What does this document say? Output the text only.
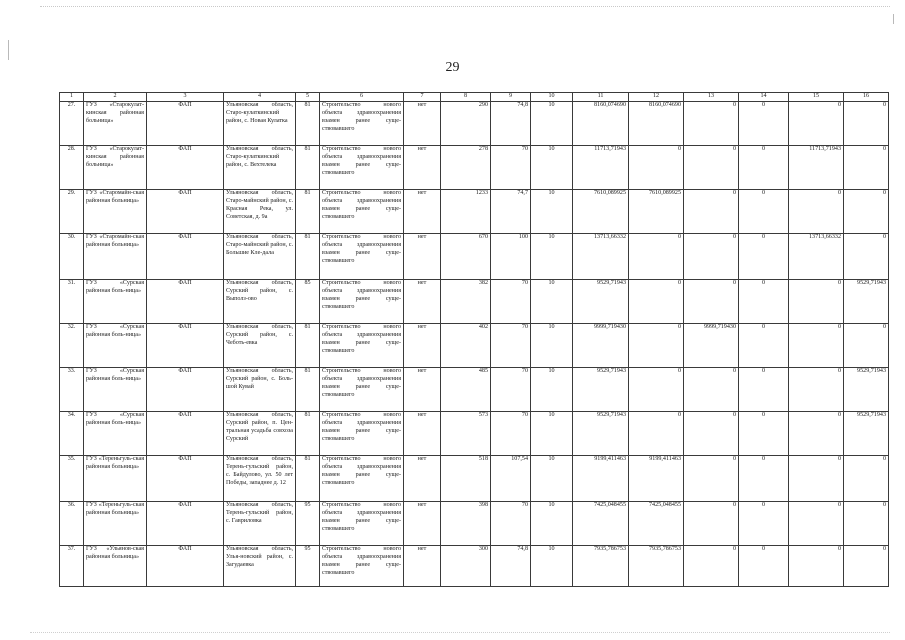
29
1	2	3	4	5	6	7	8	9	10	11	12	13	14	15	16
27.	ГУЗ «Старокулат-кинская районная больница»	ФАП	Ульяновская область, Старо-кулаткинский район, с. Новая Кулатка	81	Строительство нового объекта здравоохранения взамен ранее суще-ствовавшего	нет	290	74,8	10	8160,074690	8160,074690	0	0	0	0
28.	ГУЗ «Старокулат-кинская районная больница»	ФАП	Ульяновская область, Старо-кулаткинский район, с. Вехтелека	81	Строительство нового объекта здравоохранения взамен ранее суще-ствовавшего	нет	278	70	10	11713,71943	0	0	0	11713,71943	0
29.	ГУЗ «Старомайн-ская районная больница»	ФАП	Ульяновская область, Старо-майнский район, с. Красная Река, ул. Советская, д. 9а	81	Строительство нового объекта здравоохранения взамен ранее суще-ствовавшего	нет	1233	74,7	10	7610,089925	7610,089925	0	0	0	0
30.	ГУЗ «Старомайн-ская районная больница»	ФАП	Ульяновская область, Старо-майнский район, с. Большие Кле-дала	81	Строительство нового объекта здравоохранения взамен ранее суще-ствовавшего	нет	670	100	10	13713,66332	0	0	0	13713,66332	0
31.	ГУЗ «Сурская районная боль-ница»	ФАП	Ульяновская область, Сурский район, с. Выполз-ово	85	Строительство нового объекта здравоохранения взамен ранее суще-ствовавшего	нет	382	70	10	9529,71943	0	0	0	0	9529,71943
32.	ГУЗ «Сурская районная боль-ница»	ФАП	Ульяновская область, Сурский район, с. Чеботь-евка	81	Строительство нового объекта здравоохранения взамен ранее суще-ствовавшего	нет	402	70	10	9999,719430	0	9999,719430	0	0	0
33.	ГУЗ «Сурская районная боль-ница»	ФАП	Ульяновская область, Сурский район, с. Боль-шой Кувай	81	Строительство нового объекта здравоохранения взамен ранее суще-ствовавшего	нет	485	70	10	9529,71943	0	0	0	0	9529,71943
34.	ГУЗ «Сурская районная боль-ница»	ФАП	Ульяновская область, Сурский район, п. Цен-тральная усадьба совхоза Сурский	81	Строительство нового объекта здравоохранения взамен ранее суще-ствовавшего	нет	573	70	10	9529,71943	0	0	0	0	9529,71943
35.	ГУЗ «Тереньгуль-ская районная больница»	ФАП	Ульяновская область, Терень-гульский район, с. Байдулово, ул. 50 лет Победы, западнее д. 12	81	Строительство нового объекта здравоохранения взамен ранее суще-ствовавшего	нет	518	107,54	10	9199,411463	9199,411463	0	0	0	0
36.	ГУЗ «Тереньгуль-ская районная больница»	ФАП	Ульяновская область, Терень-гульский район, с. Гавриловка	95	Строительство нового объекта здравоохранения взамен ранее суще-ствовавшего	нет	398	70	10	7425,048455	7425,048455	0	0	0	0
37.	ГУЗ «Ульянов-ская районная больница»	ФАП	Ульяновская область, Улья-новский район, с. Загудаевка	95	Строительство нового объекта здравоохранения взамен ранее суще-ствовавшего	нет	300	74,8	10	7935,786753	7935,786753	0	0	0	0
